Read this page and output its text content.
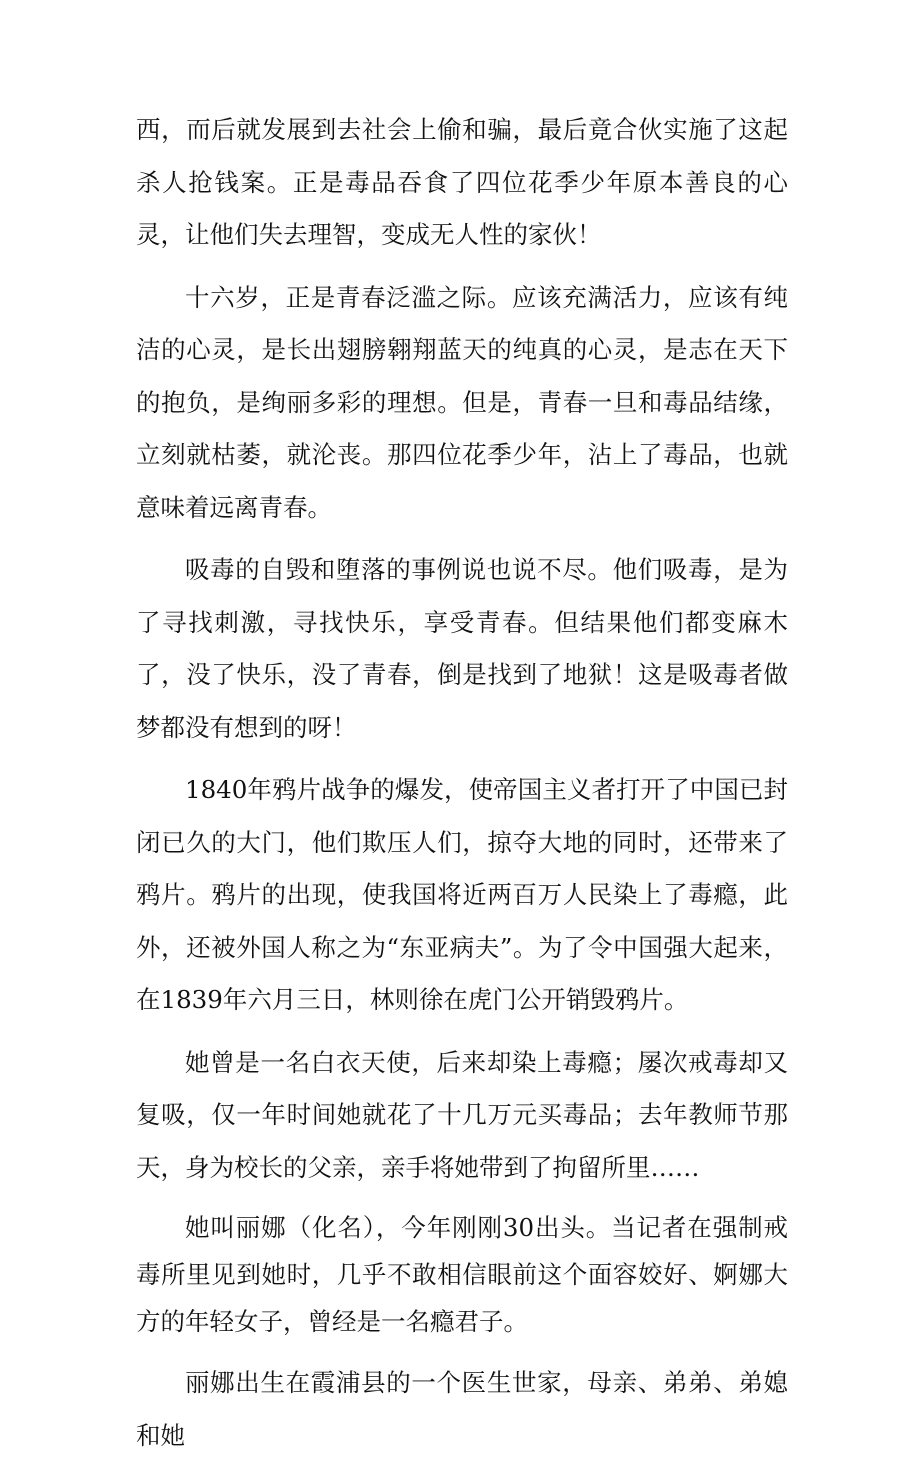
西，而后就发展到去社会上偷和骗，最后竟合伙实施了这起杀人抢钱案。正是毒品吞食了四位花季少年原本善良的心灵，让他们失去理智，变成无人性的家伙！

十六岁，正是青春泛滥之际。应该充满活力，应该有纯洁的心灵，是长出翅膀翱翔蓝天的纯真的心灵，是志在天下的抱负，是绚丽多彩的理想。但是，青春一旦和毒品结缘，立刻就枯萎，就沦丧。那四位花季少年，沾上了毒品，也就意味着远离青春。

吸毒的自毁和堕落的事例说也说不尽。他们吸毒，是为了寻找刺激，寻找快乐，享受青春。但结果他们都变麻木了，没了快乐，没了青春，倒是找到了地狱！这是吸毒者做梦都没有想到的呀！

1840年鸦片战争的爆发，使帝国主义者打开了中国已封闭已久的大门，他们欺压人们，掠夺大地的同时，还带来了鸦片。鸦片的出现，使我国将近两百万人民染上了毒瘾，此外，还被外国人称之为“东亚病夫”。为了令中国强大起来，在1839年六月三日，林则徐在虎门公开销毁鸦片。

她曾是一名白衣天使，后来却染上毒瘾；屡次戒毒却又复吸，仅一年时间她就花了十几万元买毒品；去年教师节那天，身为校长的父亲，亲手将她带到了拘留所里……

她叫丽娜（化名），今年刚刚30出头。当记者在强制戒毒所里见到她时，几乎不敢相信眼前这个面容姣好、婀娜大方的年轻女子，曾经是一名瘾君子。

丽娜出生在霞浦县的一个医生世家，母亲、弟弟、弟媳和她
